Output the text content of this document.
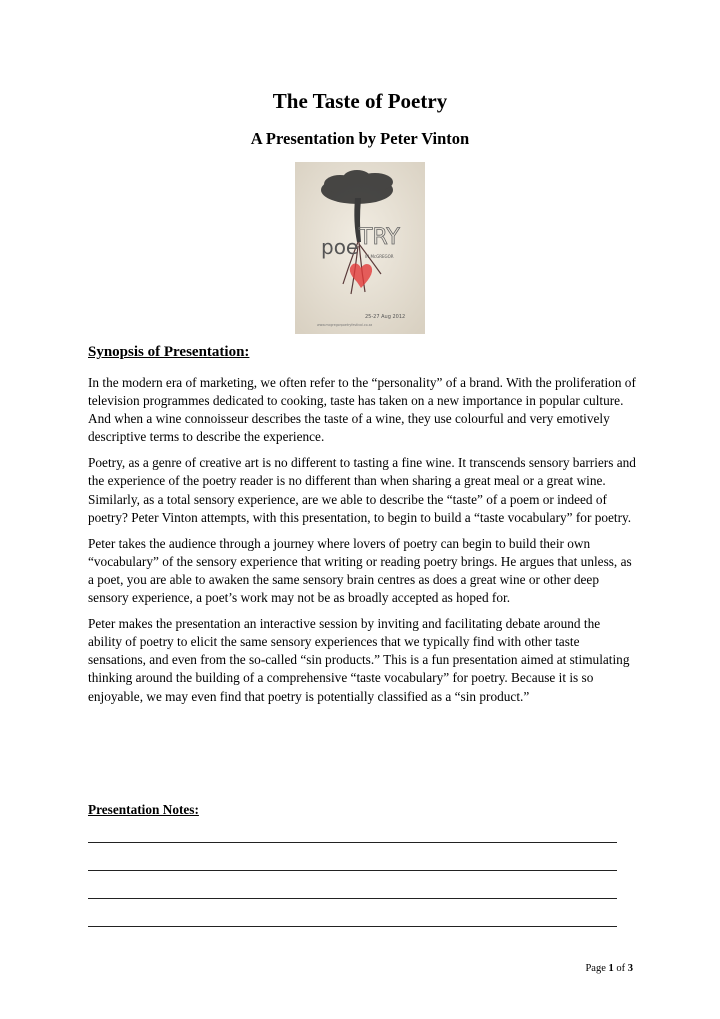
The Taste of Poetry
A Presentation by Peter Vinton
poe TRY
IN McGREGOR
25-27 Aug 2012
www.mcgregorpoetryfestival.co.za
Synopsis of Presentation:

In the modern era of marketing, we often refer to the “personality” of a brand. With the proliferation of television programmes dedicated to cooking, taste has taken on a new importance in popular culture. And when a wine connoisseur describes the taste of a wine, they use colourful and very emotively descriptive terms to describe the experience.

Poetry, as a genre of creative art is no different to tasting a fine wine. It transcends sensory barriers and the experience of the poetry reader is no different than when sharing a great meal or a great wine. Similarly, as a total sensory experience, are we able to describe the “taste” of a poem or indeed of poetry? Peter Vinton attempts, with this presentation, to begin to build a “taste vocabulary” for poetry.

Peter takes the audience through a journey where lovers of poetry can begin to build their own “vocabulary” of the sensory experience that writing or reading poetry brings. He argues that unless, as a poet, you are able to awaken the same sensory brain centres as does a great wine or other deep sensory experience, a poet’s work may not be as broadly accepted as hoped for.

Peter makes the presentation an interactive session by inviting and facilitating debate around the ability of poetry to elicit the same sensory experiences that we typically find with other taste sensations, and even from the so-called “sin products.” This is a fun presentation aimed at stimulating thinking around the building of a comprehensive “taste vocabulary” for poetry. Because it is so enjoyable, we may even find that poetry is potentially classified as a “sin product.”

Presentation Notes:
Page 1 of 3
